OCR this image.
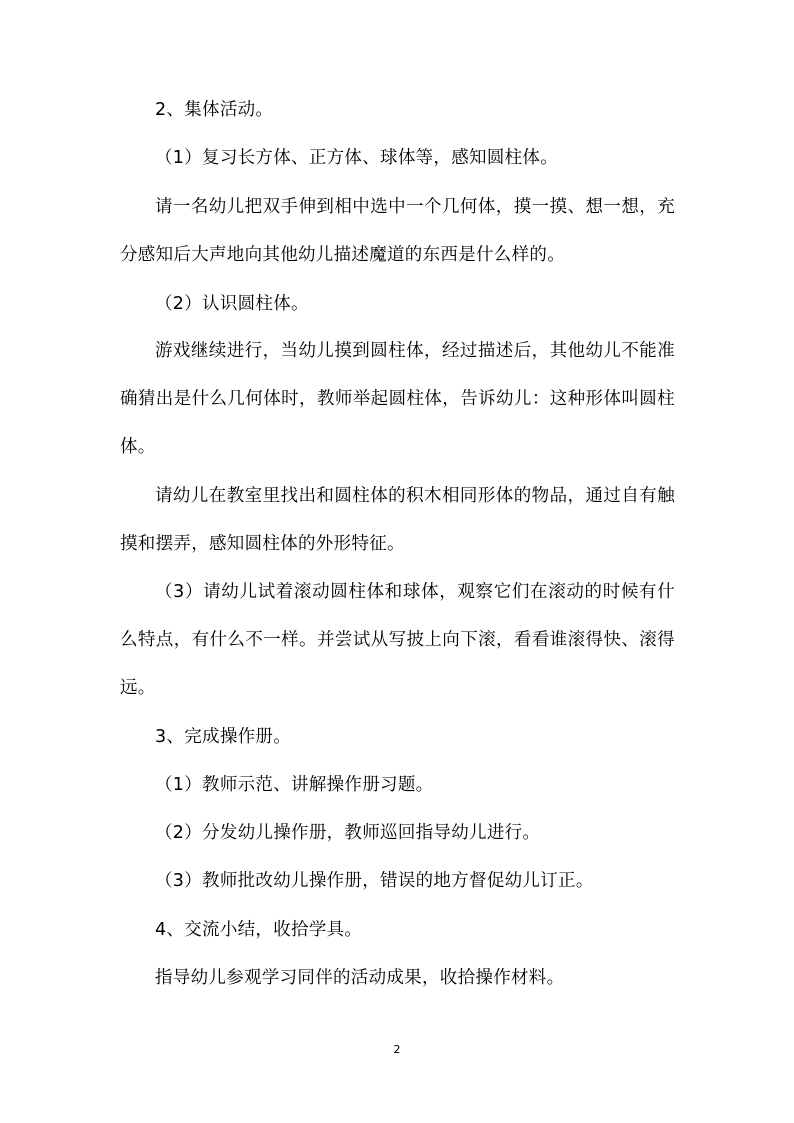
2、集体活动。

（1）复习长方体、正方体、球体等，感知圆柱体。

请一名幼儿把双手伸到相中选中一个几何体，摸一摸、想一想，充分感知后大声地向其他幼儿描述魔道的东西是什么样的。

（2）认识圆柱体。

游戏继续进行，当幼儿摸到圆柱体，经过描述后，其他幼儿不能准确猜出是什么几何体时，教师举起圆柱体，告诉幼儿：这种形体叫圆柱体。

请幼儿在教室里找出和圆柱体的积木相同形体的物品，通过自有触摸和摆弄，感知圆柱体的外形特征。

（3）请幼儿试着滚动圆柱体和球体，观察它们在滚动的时候有什么特点，有什么不一样。并尝试从写披上向下滚，看看谁滚得快、滚得远。

3、完成操作册。

（1）教师示范、讲解操作册习题。

（2）分发幼儿操作册，教师巡回指导幼儿进行。

（3）教师批改幼儿操作册，错误的地方督促幼儿订正。

4、交流小结，收拾学具。

指导幼儿参观学习同伴的活动成果，收拾操作材料。

2
